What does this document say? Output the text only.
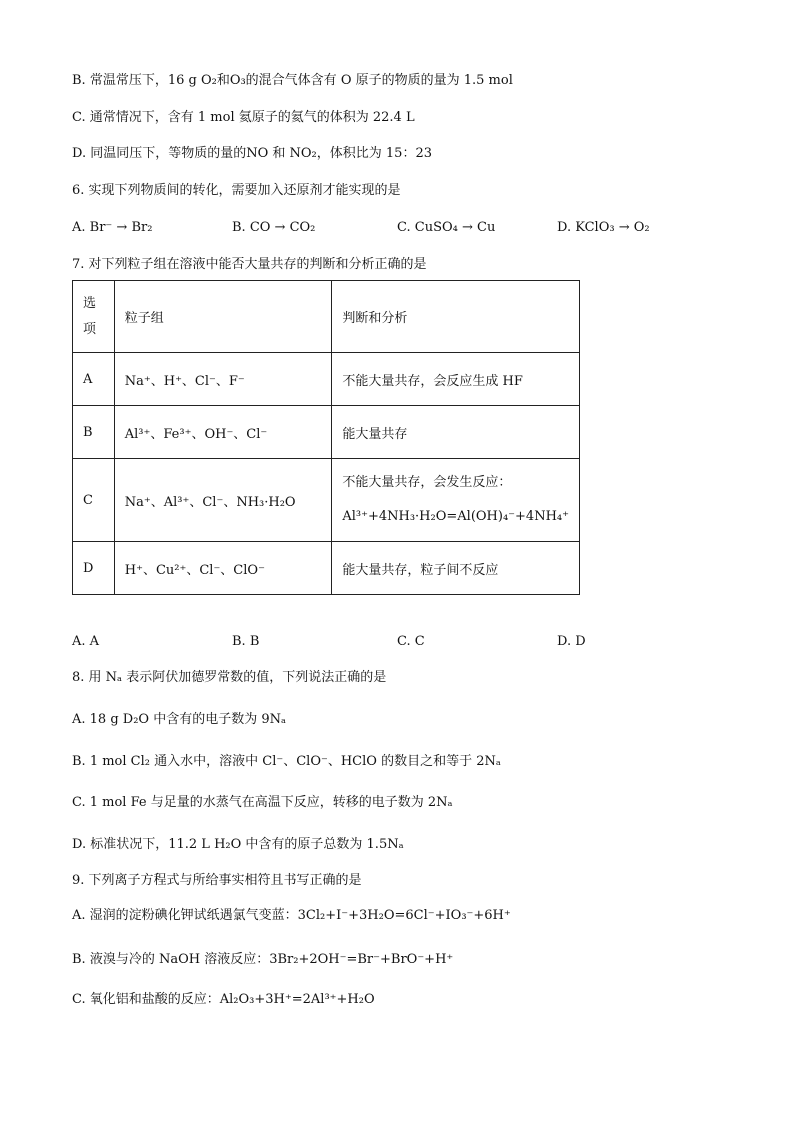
B. 常温常压下，16 g O₂和O₃的混合气体含有 O 原子的物质的量为 1.5 mol
C. 通常情况下，含有 1 mol 氦原子的氦气的体积为 22.4 L
D. 同温同压下，等物质的量的NO 和 NO₂，体积比为 15：23
6. 实现下列物质间的转化，需要加入还原剂才能实现的是
A. Br⁻ → Br₂	B. CO → CO₂	C. CuSO₄ → Cu	D. KClO₃ → O₂
7. 对下列粒子组在溶液中能否大量共存的判断和分析正确的是
选
项	粒子组	判断和分析
A	Na⁺、H⁺、Cl⁻、F⁻	不能大量共存，会反应生成 HF
B	Al³⁺、Fe³⁺、OH⁻、Cl⁻	能大量共存
C	Na⁺、Al³⁺、Cl⁻、NH₃·H₂O	不能大量共存，会发生反应：
Al³⁺+4NH₃·H₂O=Al(OH)₄⁻+4NH₄⁺

D	H⁺、Cu²⁺、Cl⁻、ClO⁻	能大量共存，粒子间不反应
A. A	B. B	C. C	D. D
8. 用 Nₐ 表示阿伏加德罗常数的值，下列说法正确的是
A. 18 g D₂O 中含有的电子数为 9Nₐ
B. 1 mol Cl₂ 通入水中，溶液中 Cl⁻、ClO⁻、HClO 的数目之和等于 2Nₐ
C. 1 mol Fe 与足量的水蒸气在高温下反应，转移的电子数为 2Nₐ
D. 标准状况下，11.2 L H₂O 中含有的原子总数为 1.5Nₐ
9. 下列离子方程式与所给事实相符且书写正确的是
A. 湿润的淀粉碘化钾试纸遇氯气变蓝：3Cl₂+I⁻+3H₂O=6Cl⁻+IO₃⁻+6H⁺
B. 液溴与冷的 NaOH 溶液反应：3Br₂+2OH⁻=Br⁻+BrO⁻+H⁺
C. 氧化铝和盐酸的反应：Al₂O₃+3H⁺=2Al³⁺+H₂O
